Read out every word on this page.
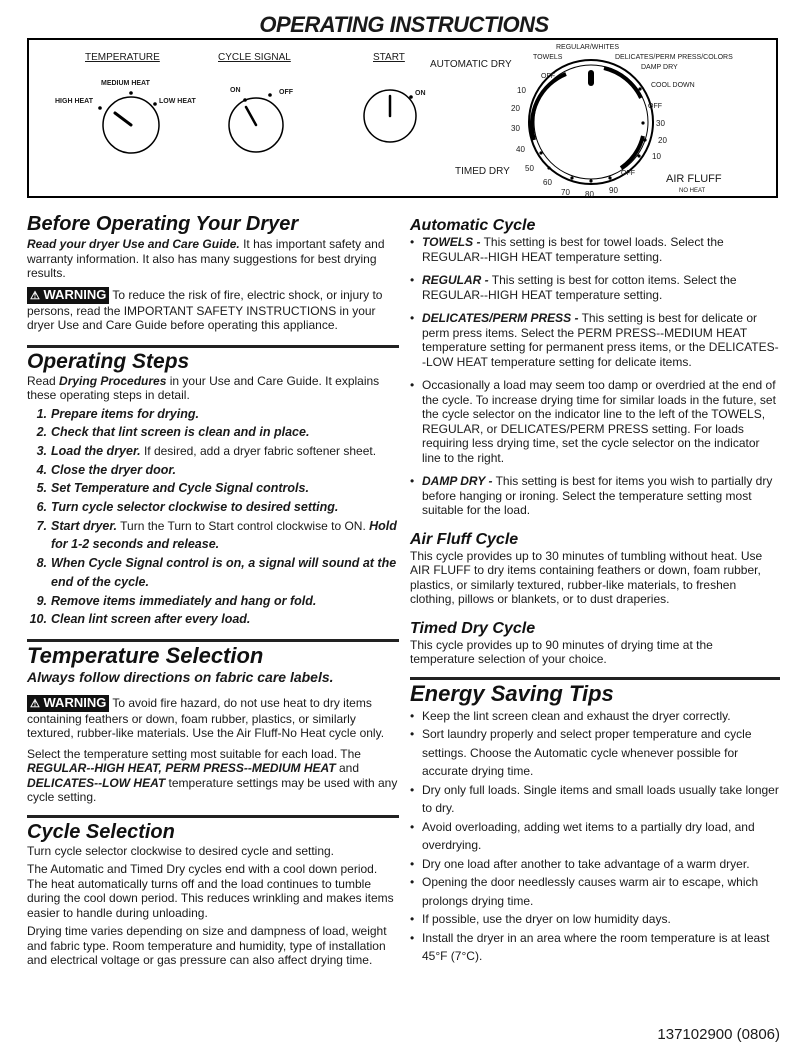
OPERATING INSTRUCTIONS
TEMPERATURE
MEDIUM HEAT
HIGH HEAT	LOW HEAT
CYCLE SIGNAL
ON	OFF
START
ON
AUTOMATIC DRY
REGULAR/WHITES
TOWELS	DELICATES/PERM PRESS/COLORS
DAMP DRY
COOL DOWN
OFF
OFF
OFF
30
20
10
10
20
30
40
50
60
70 80 90
TIMED DRY
AIR FLUFF
NO HEAT
Before Operating Your Dryer

Read your dryer Use and Care Guide. It has important safety and warranty information. It also has many suggestions for best drying results.

⚠ WARNING To reduce the risk of fire, electric shock, or injury to persons, read the IMPORTANT SAFETY INSTRUCTIONS in your dryer Use and Care Guide before operating this appliance.

Operating Steps

Read Drying Procedures in your Use and Care Guide. It explains these operating steps in detail.

1. Prepare items for drying.
2. Check that lint screen is clean and in place.
3. Load the dryer. If desired, add a dryer fabric softener sheet.
4. Close the dryer door.
5. Set Temperature and Cycle Signal controls.
6. Turn cycle selector clockwise to desired setting.
7. Start dryer. Turn the Turn to Start control clockwise to ON. Hold for 1-2 seconds and release.
8. When Cycle Signal control is on, a signal will sound at the end of the cycle.
9. Remove items immediately and hang or fold.
10. Clean lint screen after every load.
Temperature Selection

Always follow directions on fabric care labels.

⚠ WARNING To avoid fire hazard, do not use heat to dry items containing feathers or down, foam rubber, plastics, or similarly textured, rubber-like materials. Use the Air Fluff-No Heat cycle only.

Select the temperature setting most suitable for each load. The REGULAR--HIGH HEAT, PERM PRESS--MEDIUM HEAT and DELICATES--LOW HEAT temperature settings may be used with any cycle setting.

Cycle Selection

Turn cycle selector clockwise to desired cycle and setting.

The Automatic and Timed Dry cycles end with a cool down period. The heat automatically turns off and the load continues to tumble during the cool down period. This reduces wrinkling and makes items easier to handle during unloading.

Drying time varies depending on size and dampness of load, weight and fabric type. Room temperature and humidity, type of installation and electrical voltage or gas pressure can also affect drying time.

Automatic Cycle
• TOWELS - This setting is best for towel loads. Select the REGULAR--HIGH HEAT temperature setting.
• REGULAR - This setting is best for cotton items. Select the REGULAR--HIGH HEAT temperature setting.
• DELICATES/PERM PRESS - This setting is best for delicate or perm press items. Select the PERM PRESS--MEDIUM HEAT temperature setting for permanent press items, or the DELICATES--LOW HEAT temperature setting for delicate items.
• Occasionally a load may seem too damp or overdried at the end of the cycle. To increase drying time for similar loads in the future, set the cycle selector on the indicator line to the left of the TOWELS, REGULAR, or DELICATES/PERM PRESS setting. For loads requiring less drying time, set the cycle selector on the indicator line to the right.
• DAMP DRY - This setting is best for items you wish to partially dry before hanging or ironing. Select the temperature setting most suitable for the load.
Air Fluff Cycle

This cycle provides up to 30 minutes of tumbling without heat. Use AIR FLUFF to dry items containing feathers or down, foam rubber, plastics, or similarly textured, rubber-like materials, to freshen clothing, pillows or blankets, or to dust draperies.

Timed Dry Cycle

This cycle provides up to 90 minutes of drying time at the temperature selection of your choice.

Energy Saving Tips
• Keep the lint screen clean and exhaust the dryer correctly.
• Sort laundry properly and select proper temperature and cycle settings. Choose the Automatic cycle whenever possible for accurate drying time.
• Dry only full loads. Single items and small loads usually take longer to dry.
• Avoid overloading, adding wet items to a partially dry load, and overdrying.
• Dry one load after another to take advantage of a warm dryer.
• Opening the door needlessly causes warm air to escape, which prolongs drying time.
• If possible, use the dryer on low humidity days.
• Install the dryer in an area where the room temperature is at least 45°F (7°C).
137102900 (0806)
